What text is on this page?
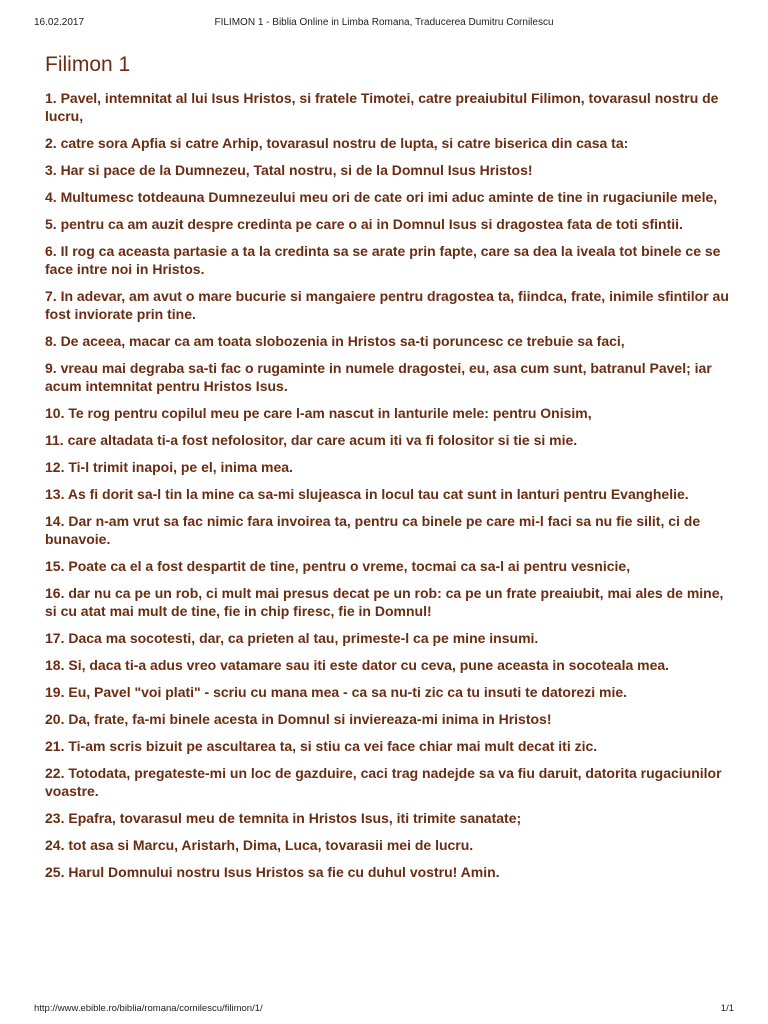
16.02.2017	FILIMON 1 - Biblia Online in Limba Romana, Traducerea Dumitru Cornilescu
Filimon 1
1. Pavel, intemnitat al lui Isus Hristos, si fratele Timotei, catre preaiubitul Filimon, tovarasul nostru de lucru,
2. catre sora Apfia si catre Arhip, tovarasul nostru de lupta, si catre biserica din casa ta:
3. Har si pace de la Dumnezeu, Tatal nostru, si de la Domnul Isus Hristos!
4. Multumesc totdeauna Dumnezeului meu ori de cate ori imi aduc aminte de tine in rugaciunile mele,
5. pentru ca am auzit despre credinta pe care o ai in Domnul Isus si dragostea fata de toti sfintii.
6. Il rog ca aceasta partasie a ta la credinta sa se arate prin fapte, care sa dea la iveala tot binele ce se face intre noi in Hristos.
7. In adevar, am avut o mare bucurie si mangaiere pentru dragostea ta, fiindca, frate, inimile sfintilor au fost inviorate prin tine.
8. De aceea, macar ca am toata slobozenia in Hristos sa-ti poruncesc ce trebuie sa faci,
9. vreau mai degraba sa-ti fac o rugaminte in numele dragostei, eu, asa cum sunt, batranul Pavel; iar acum intemnitat pentru Hristos Isus.
10. Te rog pentru copilul meu pe care l-am nascut in lanturile mele: pentru Onisim,
11. care altadata ti-a fost nefolositor, dar care acum iti va fi folositor si tie si mie.
12. Ti-l trimit inapoi, pe el, inima mea.
13. As fi dorit sa-l tin la mine ca sa-mi slujeasca in locul tau cat sunt in lanturi pentru Evanghelie.
14. Dar n-am vrut sa fac nimic fara invoirea ta, pentru ca binele pe care mi-l faci sa nu fie silit, ci de bunavoie.
15. Poate ca el a fost despartit de tine, pentru o vreme, tocmai ca sa-l ai pentru vesnicie,
16. dar nu ca pe un rob, ci mult mai presus decat pe un rob: ca pe un frate preaiubit, mai ales de mine, si cu atat mai mult de tine, fie in chip firesc, fie in Domnul!
17. Daca ma socotesti, dar, ca prieten al tau, primeste-l ca pe mine insumi.
18. Si, daca ti-a adus vreo vatamare sau iti este dator cu ceva, pune aceasta in socoteala mea.
19. Eu, Pavel "voi plati" - scriu cu mana mea - ca sa nu-ti zic ca tu insuti te datorezi mie.
20. Da, frate, fa-mi binele acesta in Domnul si inviereaza-mi inima in Hristos!
21. Ti-am scris bizuit pe ascultarea ta, si stiu ca vei face chiar mai mult decat iti zic.
22. Totodata, pregateste-mi un loc de gazduire, caci trag nadejde sa va fiu daruit, datorita rugaciunilor voastre.
23. Epafra, tovarasul meu de temnita in Hristos Isus, iti trimite sanatate;
24. tot asa si Marcu, Aristarh, Dima, Luca, tovarasii mei de lucru.
25. Harul Domnului nostru Isus Hristos sa fie cu duhul vostru! Amin.
http://www.ebible.ro/biblia/romana/cornilescu/filimon/1/	1/1
